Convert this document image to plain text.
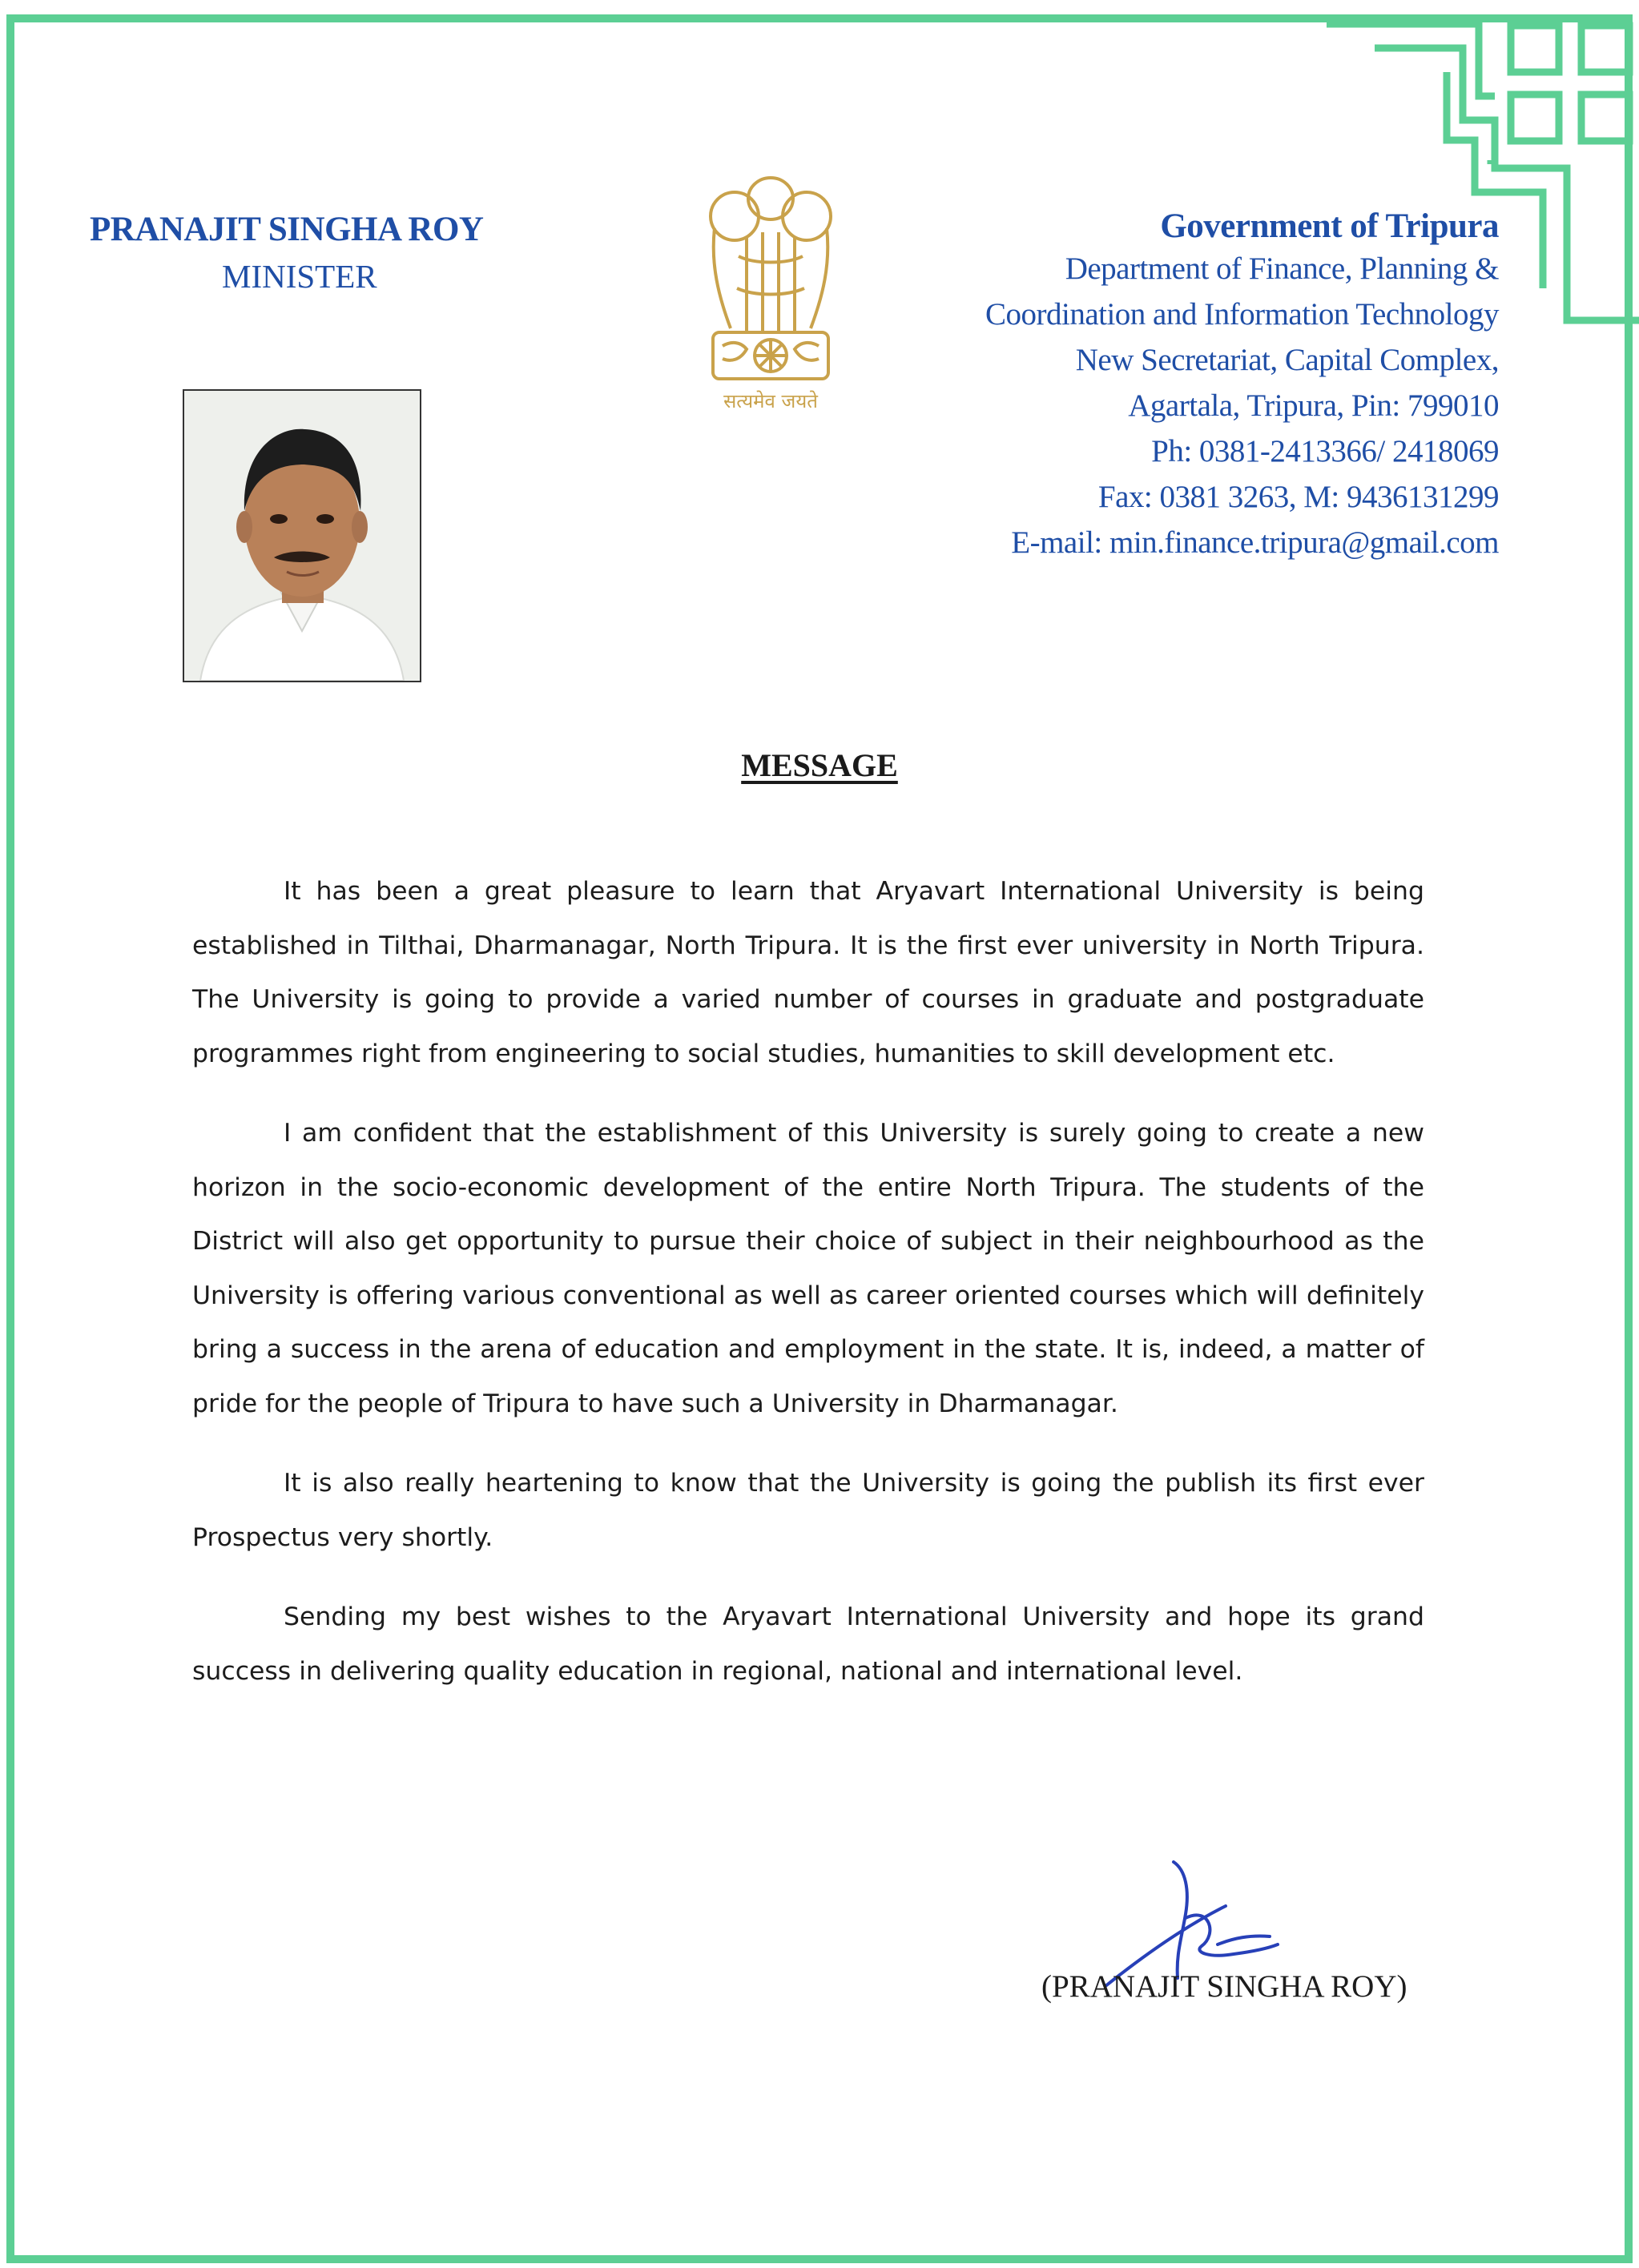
PRANAJIT SINGHA ROY
MINISTER
सत्यमेव जयते
Government of Tripura
Department of Finance, Planning &
Coordination and Information Technology
New Secretariat, Capital Complex,
Agartala, Tripura, Pin: 799010
Ph: 0381-2413366/ 2418069
Fax: 0381 3263, M: 9436131299
E-mail: min.finance.tripura@gmail.com
MESSAGE

It has been a great pleasure to learn that Aryavart International University is being established in Tilthai, Dharmanagar, North Tripura. It is the first ever university in North Tripura. The University is going to provide a varied number of courses in graduate and postgraduate programmes right from engineering to social studies, humanities to skill development etc.

I am confident that the establishment of this University is surely going to create a new horizon in the socio-economic development of the entire North Tripura. The students of the District will also get opportunity to pursue their choice of subject in their neighbourhood as the University is offering various conventional as well as career oriented courses which will definitely bring a success in the arena of education and employment in the state. It is, indeed, a matter of pride for the people of Tripura to have such a University in Dharmanagar.

It is also really heartening to know that the University is going the publish its first ever Prospectus very shortly.

Sending my best wishes to the Aryavart International University and hope its grand success in delivering quality education in regional, national and international level.

(PRANAJIT SINGHA ROY)
